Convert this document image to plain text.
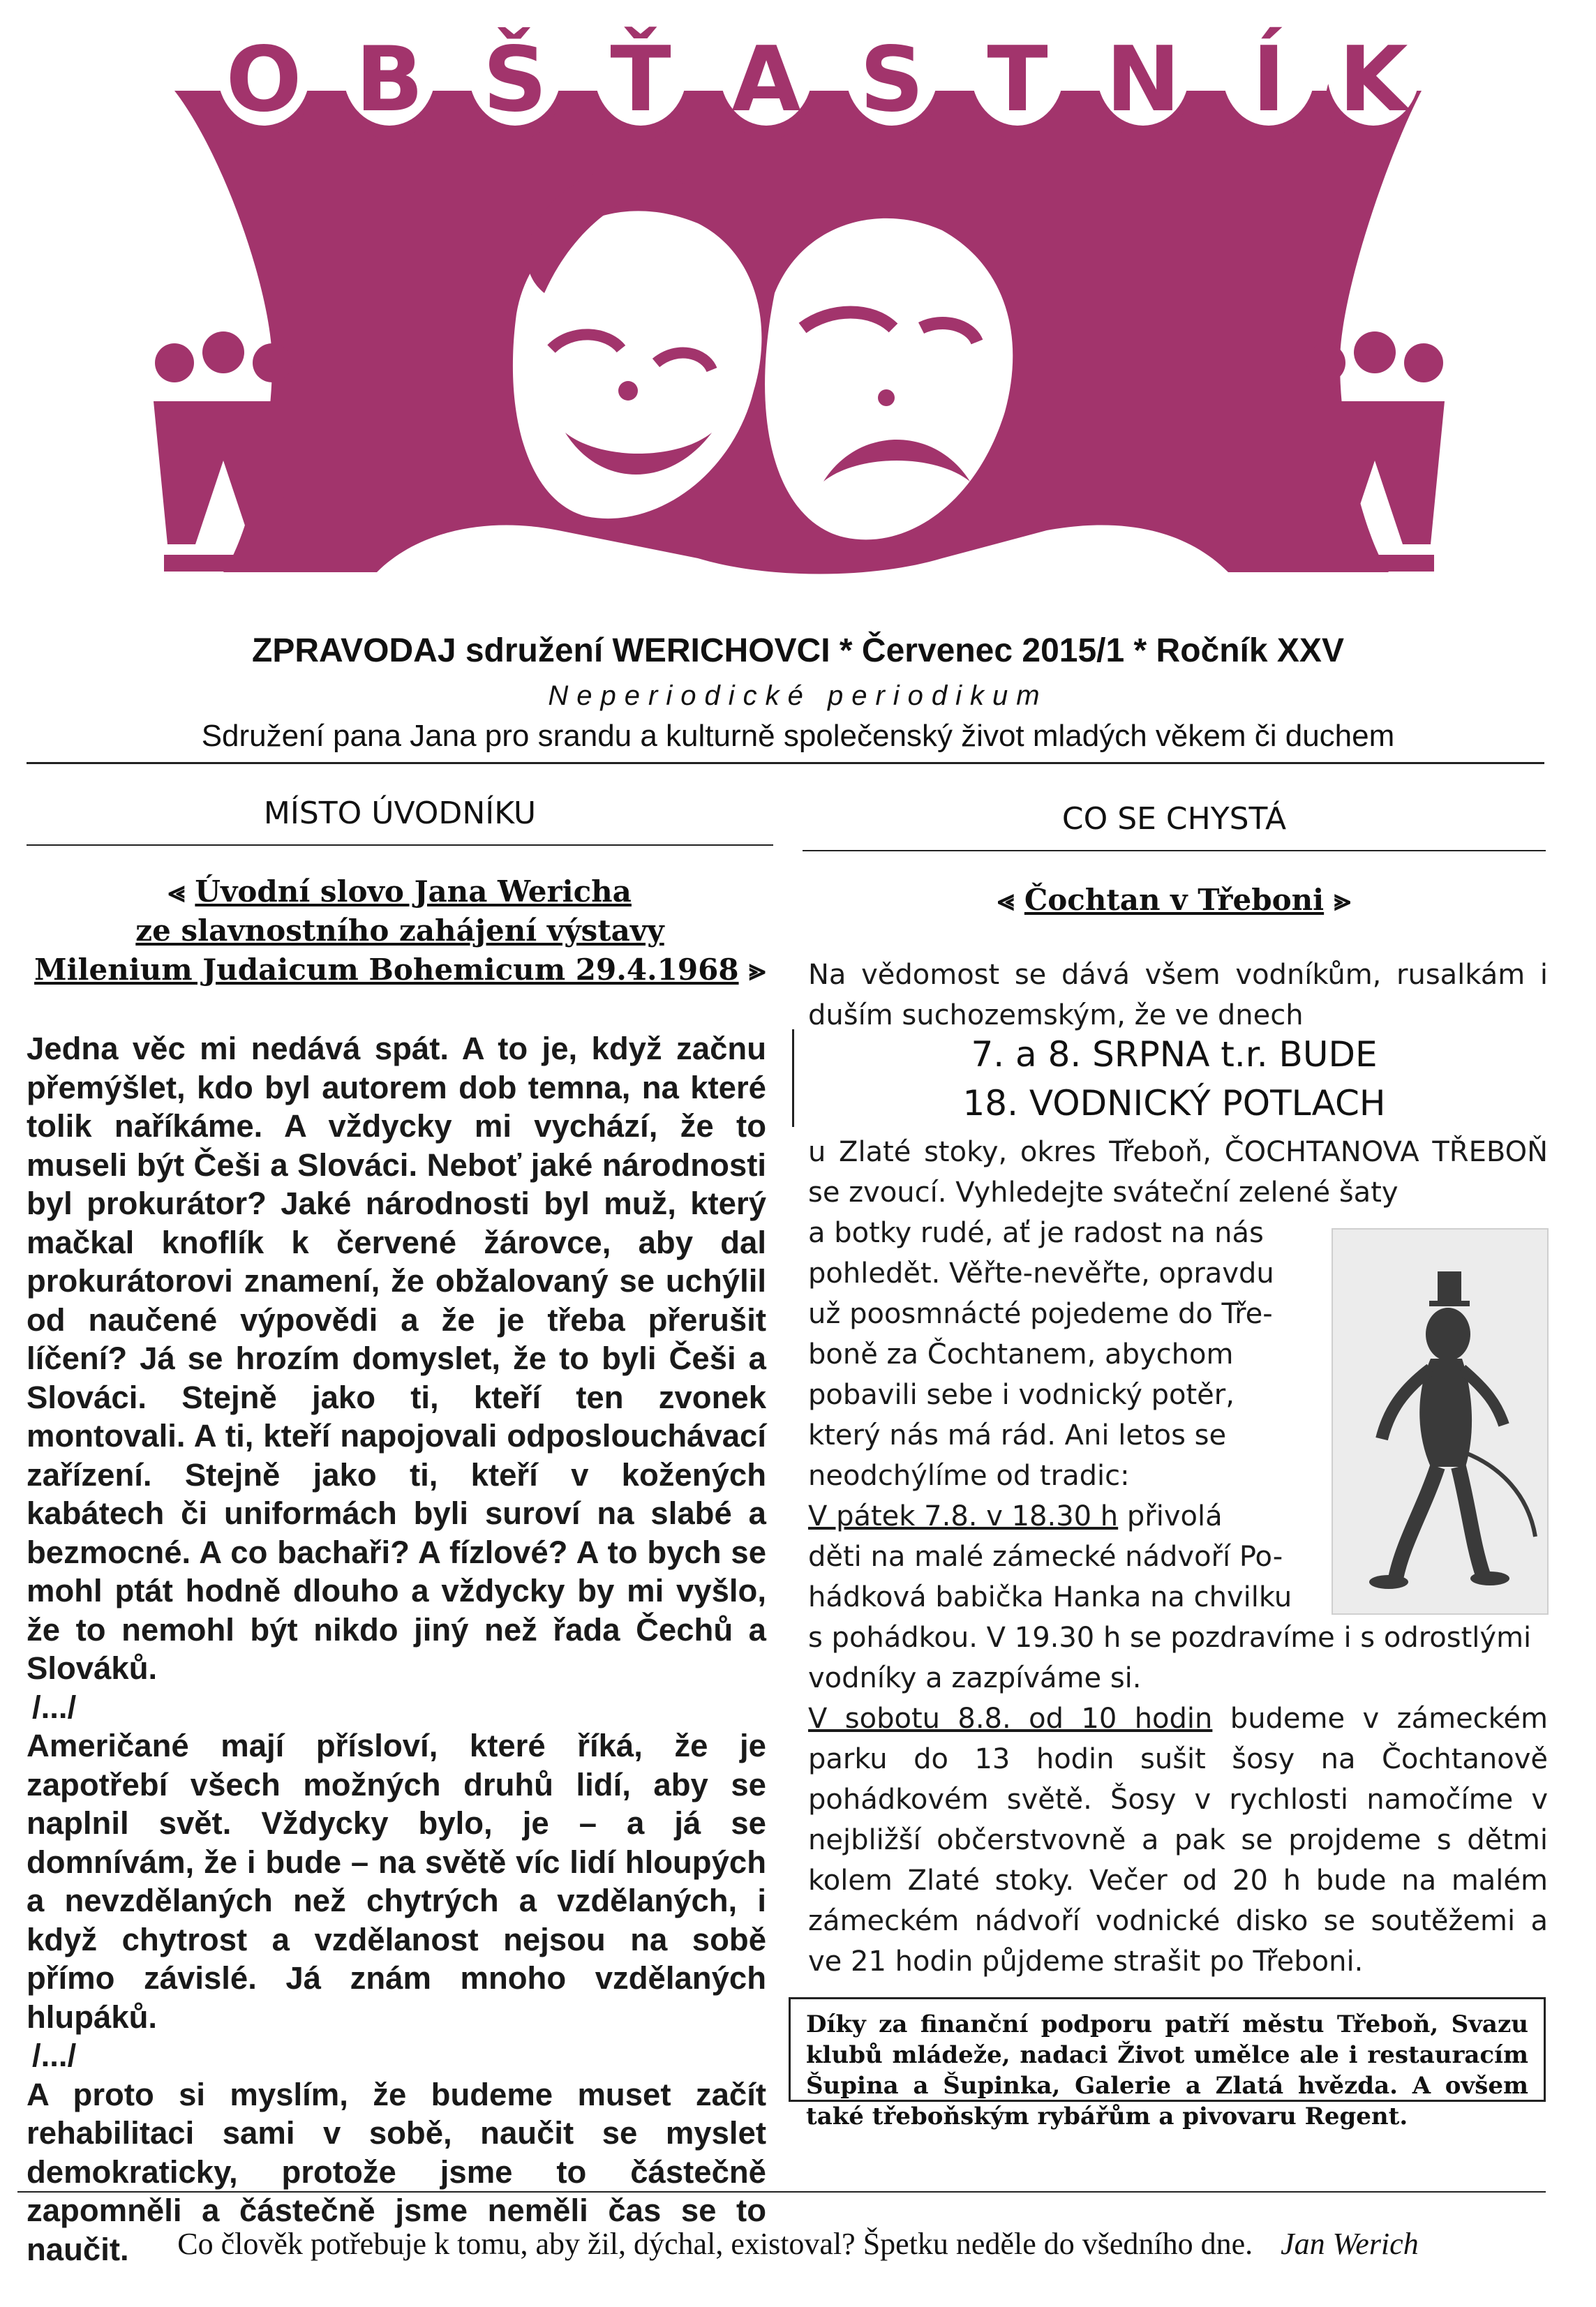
O B Š Ť A S T N Í K
ZPRAVODAJ sdružení WERICHOVCI * Červenec 2015/1 * Ročník XXV
Neperiodické periodikum
Sdružení pana Jana pro srandu a kulturně společenský život mladých věkem či duchem
MÍSTO ÚVODNÍKU
⪡ Úvodní slovo Jana Wericha
ze slavnostního zahájení výstavy
Milenium Judaicum Bohemicum 29.4.1968 ⪢

Jedna věc mi nedává spát. A to je, když začnu přemýšlet, kdo byl autorem dob temna, na které tolik naříkáme. A vždycky mi vychází, že to museli být Češi a Slováci. Neboť jaké národnosti byl prokurátor? Jaké národnosti byl muž, který mačkal knoflík k červené žárovce, aby dal prokurátorovi znamení, že obžalovaný se uchýlil od naučené výpovědi a že je třeba přerušit líčení? Já se hrozím domyslet, že to byli Češi a Slováci. Stejně jako ti, kteří ten zvonek montovali. A ti, kteří napojovali odposlouchávací zařízení. Stejně jako ti, kteří v kožených kabátech či uniformách byli suroví na slabé a bezmocné. A co bachaři? A fízlové? A to bych se mohl ptát hodně dlouho a vždycky by mi vyšlo, že to nemohl být nikdo jiný než řada Čechů a Slováků.

/.../

Američané mají přísloví, které říká, že je zapotřebí všech možných druhů lidí, aby se naplnil svět. Vždycky bylo, je – a já se domnívám, že i bude – na světě víc lidí hloupých a nevzdělaných než chytrých a vzdělaných, i když chytrost a vzdělanost nejsou na sobě přímo závislé. Já znám mnoho vzdělaných hlupáků.

/.../

A proto si myslím, že budeme muset začít rehabilitaci sami v sobě, naučit se myslet demokraticky, protože jsme to částečně zapomněli a částečně jsme neměli čas se to naučit.

CO SE CHYSTÁ
⪡ Čochtan v Třeboni ⪢
Na vědomost se dává všem vodníkům, rusalkám i duším suchozemským, že ve dnech
7. a 8. SRPNA t.r. BUDE
18. VODNICKÝ POTLACH
u Zlaté stoky, okres Třeboň, ČOCHTANOVA TŘEBOŇ se zvoucí. Vyhledejte sváteční zelené šaty
a botky rudé, ať je radost na nás
pohledět. Věřte-nevěřte, opravdu
už poosmnácté pojedeme do Tře-
boně za Čochtanem, abychom
pobavili sebe i vodnický potěr,
který nás má rád. Ani letos se
neodchýlíme od tradic:
V pátek 7.8. v 18.30 h přivolá
děti na malé zámecké nádvoří Po-
hádková babička Hanka na chvilku
s pohádkou. V 19.30 h se pozdravíme i s odrostlými vodníky a zazpíváme si.
V sobotu 8.8. od 10 hodin budeme v zámeckém parku do 13 hodin sušit šosy na Čochtanově pohádkovém světě. Šosy v rychlosti namočíme v nejbližší občerstvovně a pak se projdeme s dětmi kolem Zlaté stoky. Večer od 20 h bude na malém zámeckém nádvoří vodnické disko se soutěžemi a ve 21 hodin půjdeme strašit po Třeboni.
Díky za finanční podporu patří městu Třeboň, Svazu klubů mládeže, nadaci Život umělce ale i restauracím Šupina a Šupinka, Galerie a Zlatá hvězda. A ovšem také třeboňským rybářům a pivovaru Regent.
Co člověk potřebuje k tomu, aby žil, dýchal, existoval? Špetku neděle do všedního dne. Jan Werich
